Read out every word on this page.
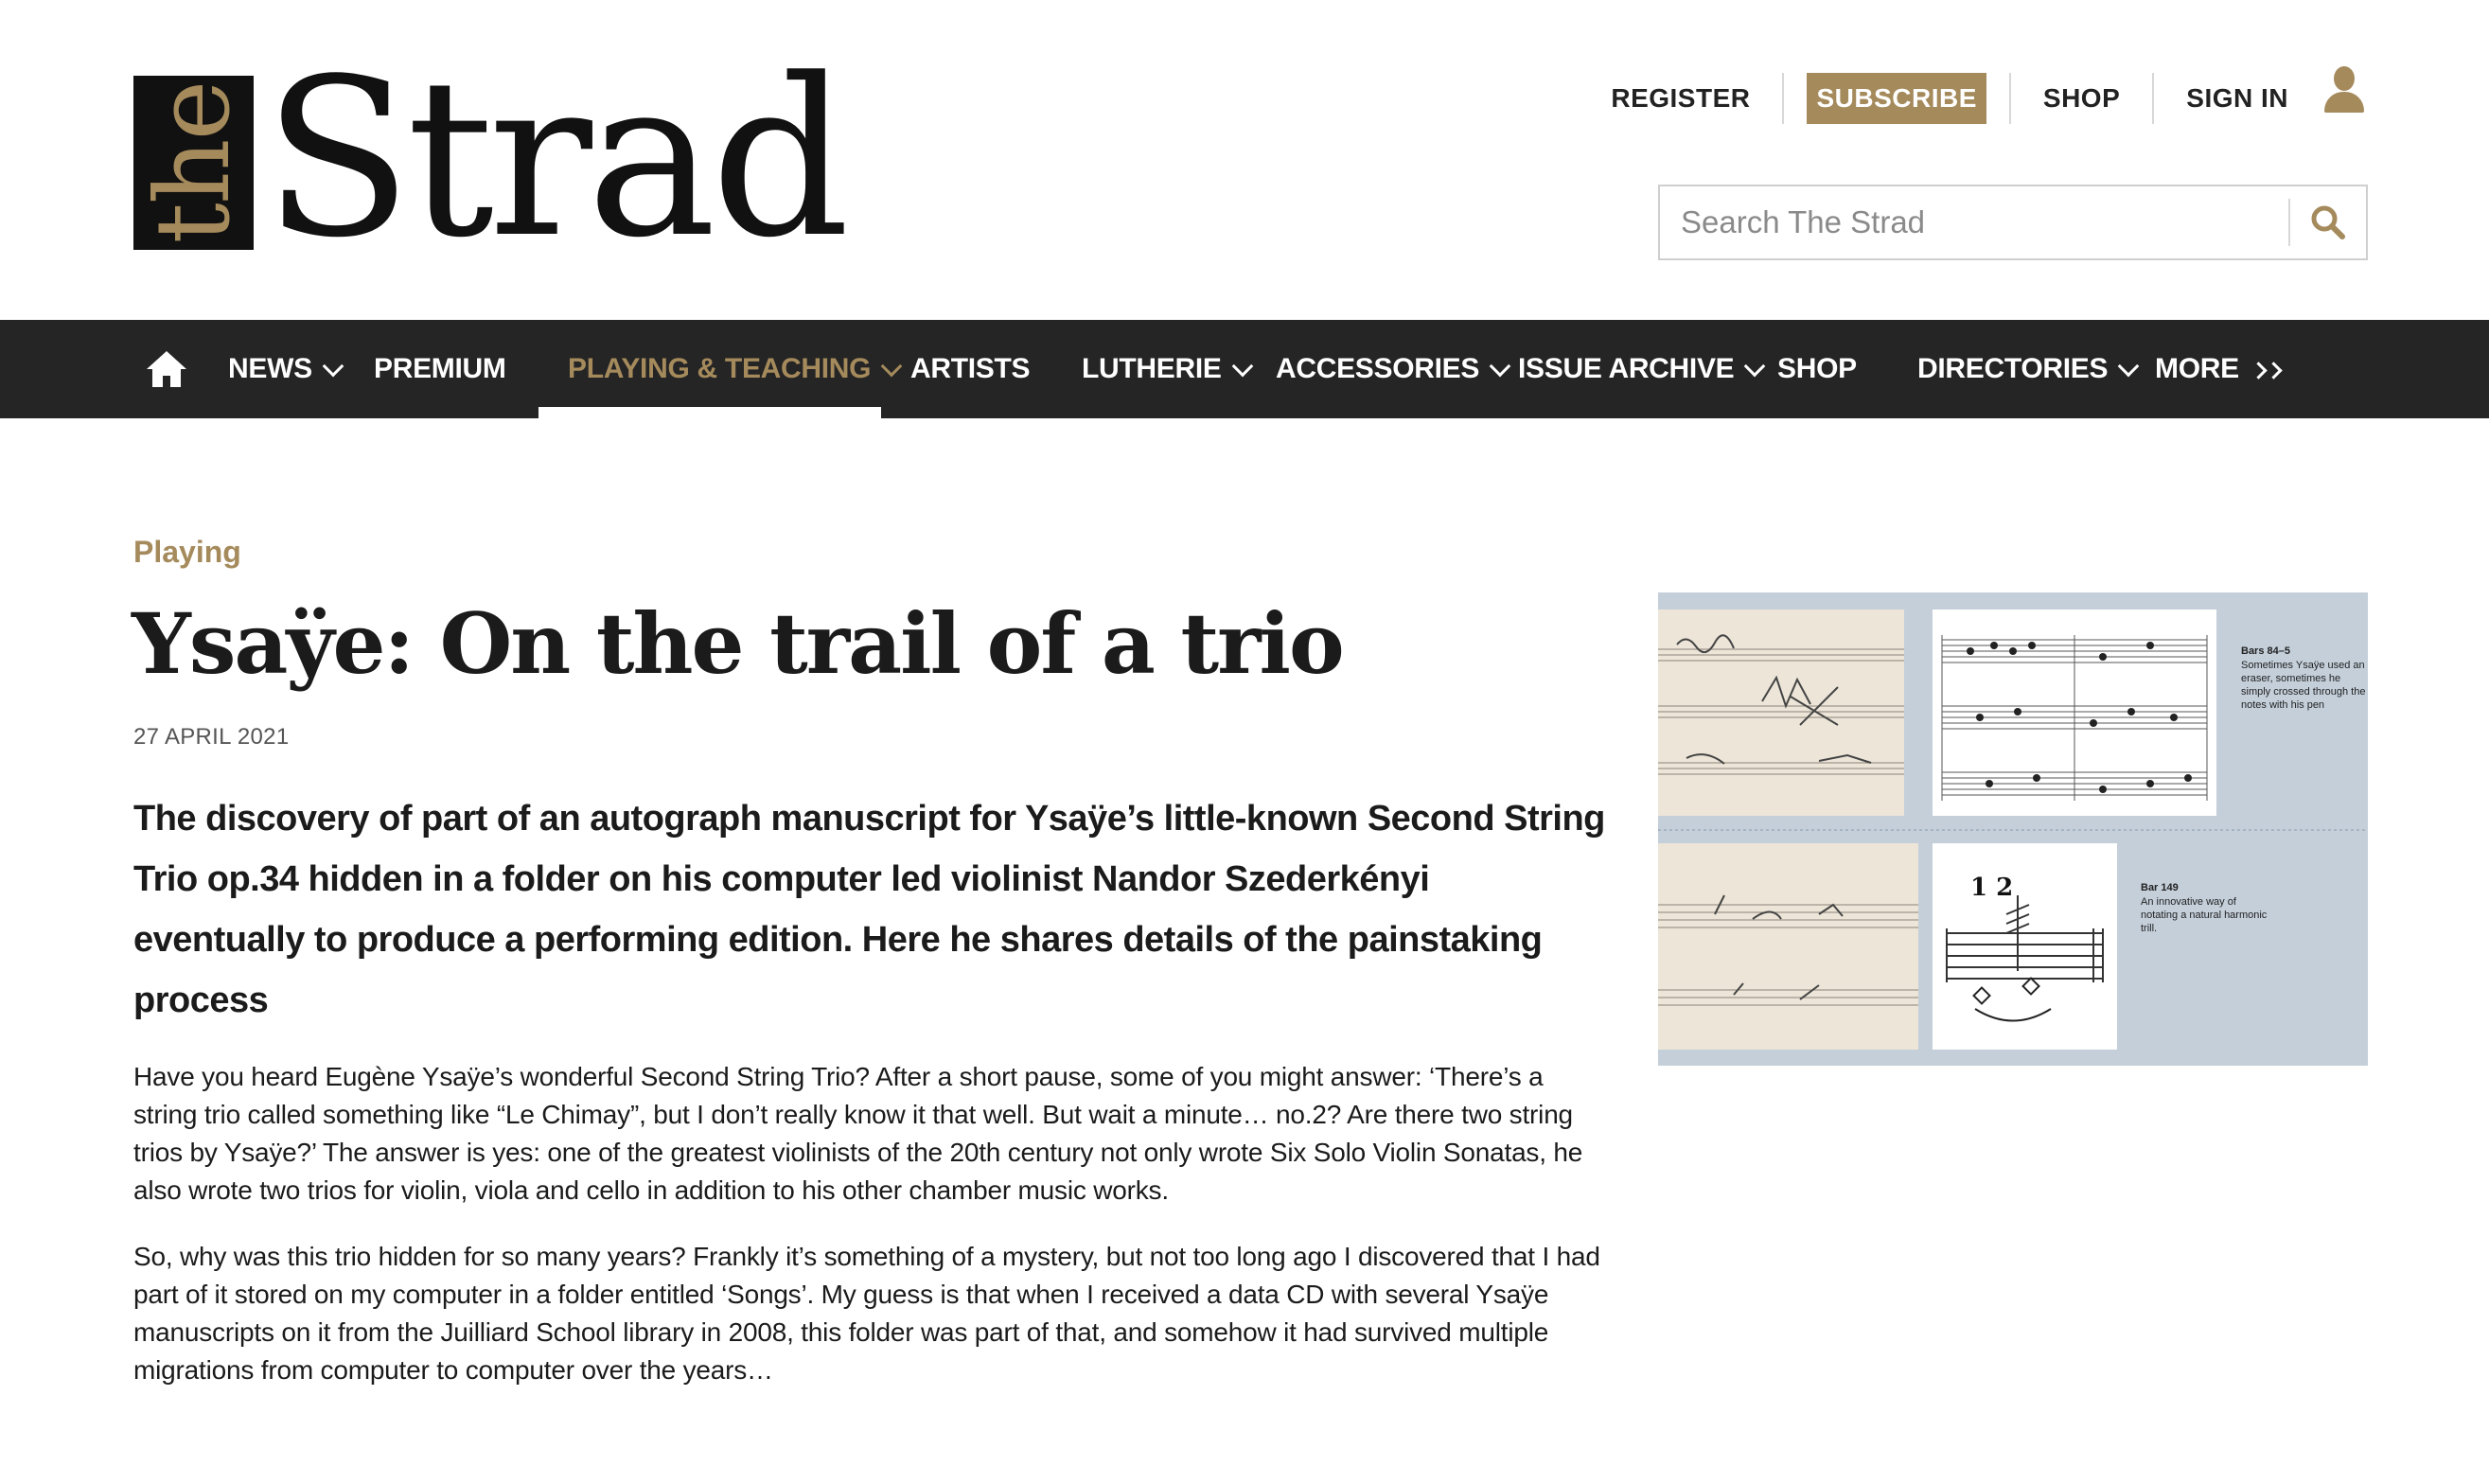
the Strad	REGISTER	SUBSCRIBE	SHOP	SIGN IN
Search The Strad
NEWS PREMIUM PLAYING & TEACHING ARTISTS LUTHERIE ACCESSORIES ISSUE ARCHIVE SHOP DIRECTORIES MORE
Playing
Ysaÿe: On the trail of a trio
27 APRIL 2021

The discovery of part of an autograph manuscript for Ysaÿe’s little-known Second String Trio op.34 hidden in a folder on his computer led violinist Nandor Szederkényi eventually to produce a performing edition. Here he shares details of the painstaking process

Have you heard Eugène Ysaÿe’s wonderful Second String Trio? After a short pause, some of you might answer: ‘There’s a string trio called something like “Le Chimay”, but I don’t really know it that well. But wait a minute… no.2? Are there two string trios by Ysaÿe?’ The answer is yes: one of the greatest violinists of the 20th century not only wrote Six Solo Violin Sonatas, he also wrote two trios for violin, viola and cello in addition to his other chamber music works.

So, why was this trio hidden for so many years? Frankly it’s something of a mystery, but not too long ago I discovered that I had part of it stored on my computer in a folder entitled ‘Songs’. My guess is that when I received a data CD with several Ysaÿe manuscripts on it from the Juilliard School library in 2008, this folder was part of that, and somehow it had survived multiple migrations from computer to computer over the years…

1 2
Bars 84–5
Sometimes Ysaÿe used an eraser, sometimes he simply crossed through the notes with his pen
Bar 149
An innovative way of notating a natural harmonic trill.
